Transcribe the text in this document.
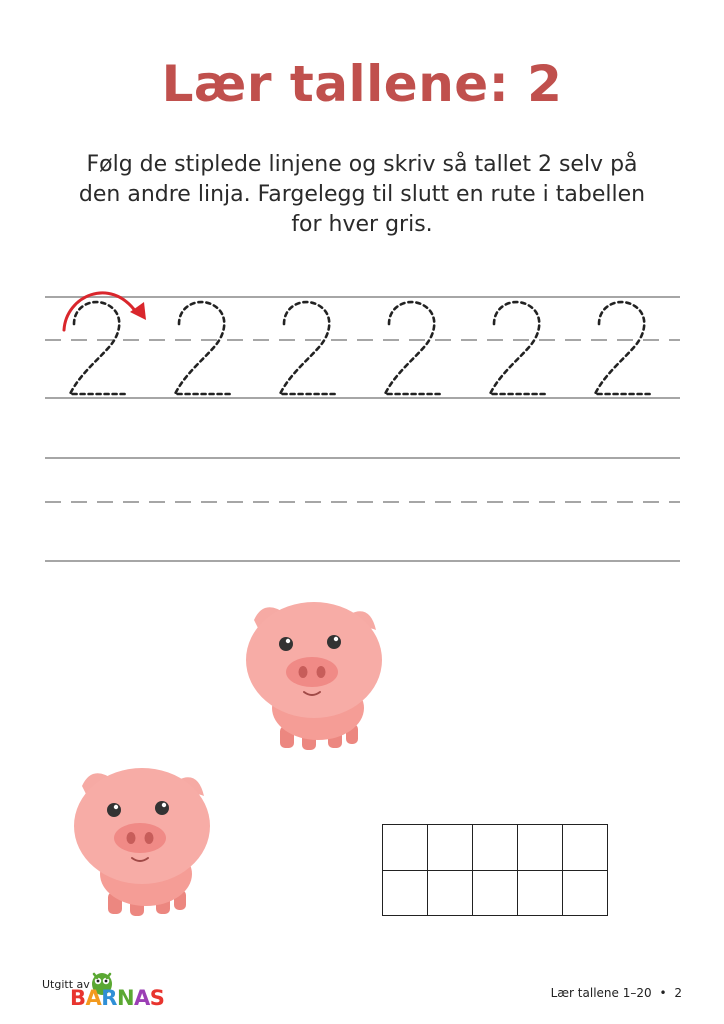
Lær tallene: 2
Følg de stiplede linjene og skriv så tallet 2 selv på
den andre linja. Fargelegg til slutt en rute i tabellen
for hver gris.
Utgitt av
BARNAS	Lær tallene 1–20 • 2
